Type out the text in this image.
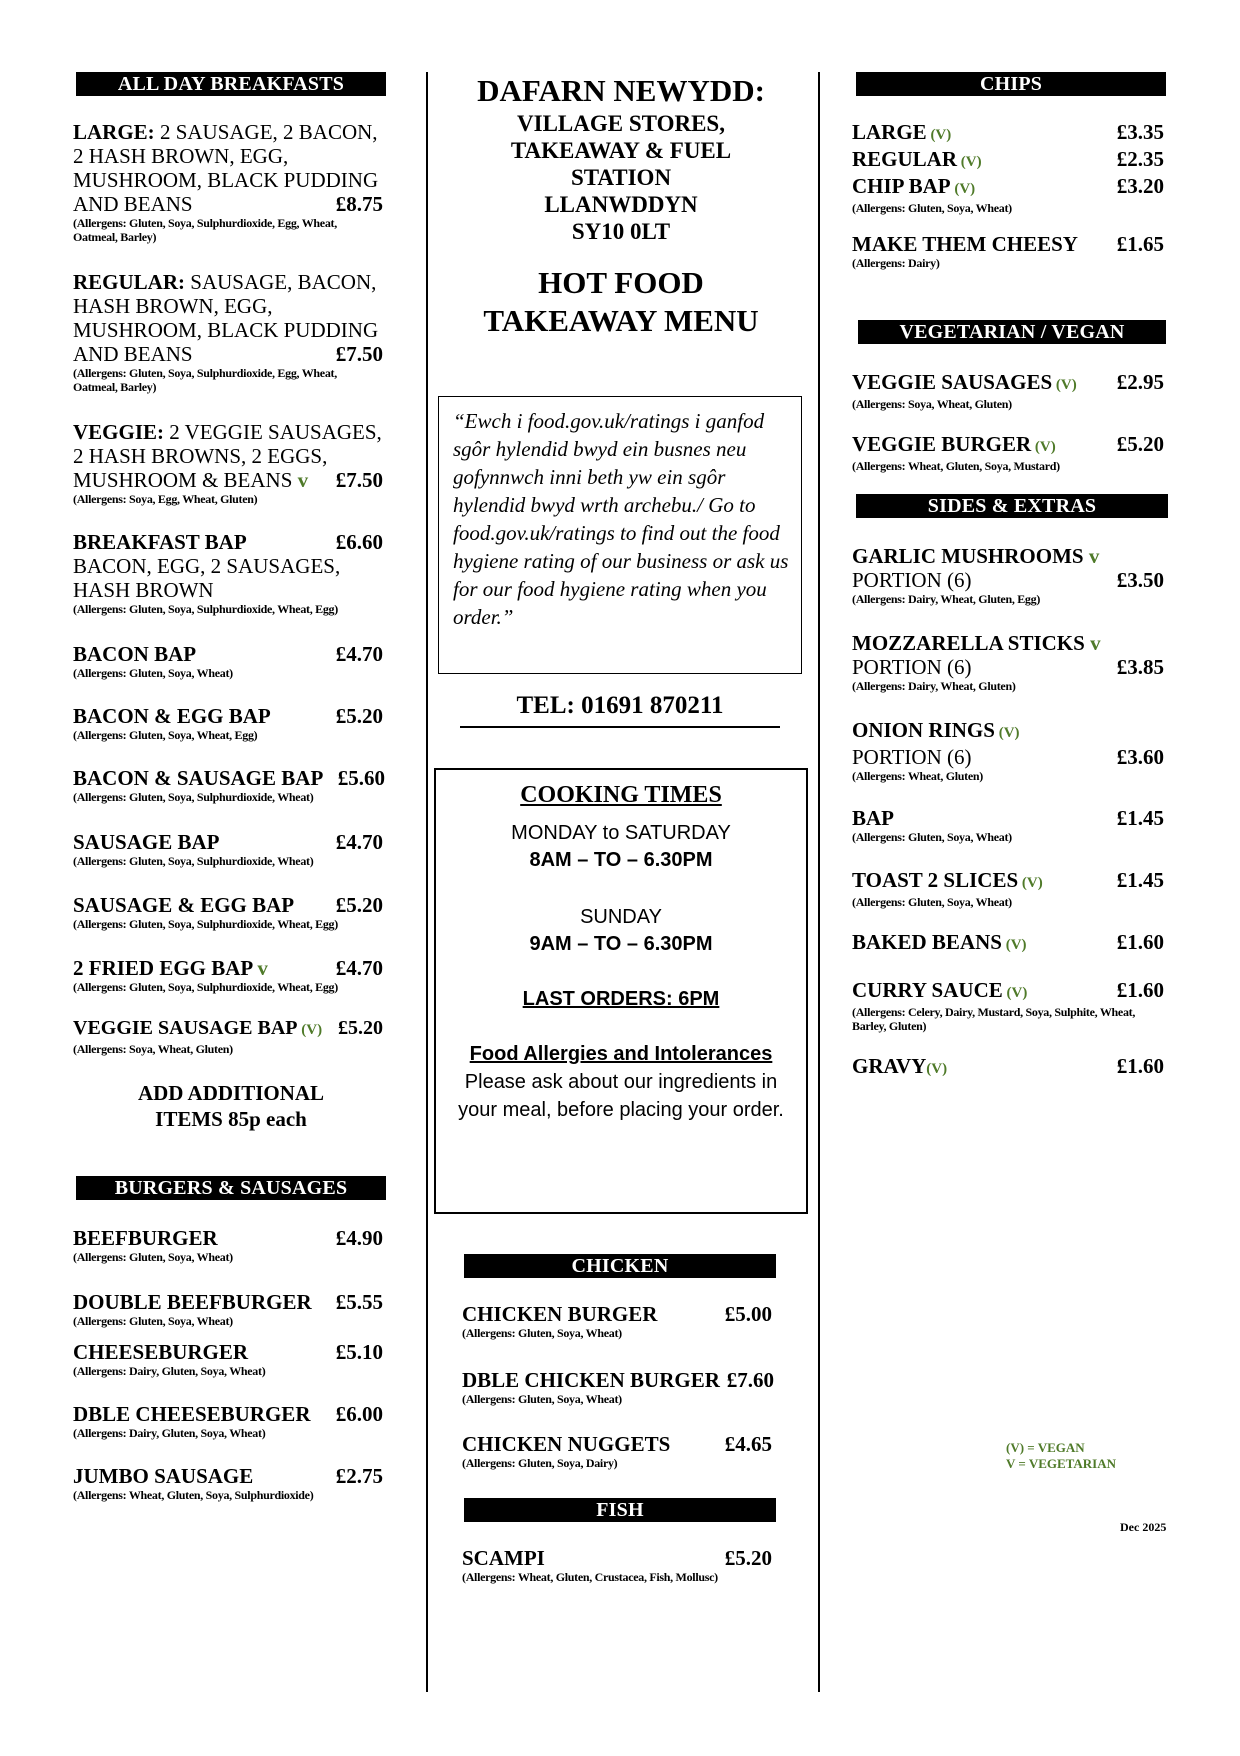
ALL DAY BREAKFASTS
LARGE: 2 SAUSAGE, 2 BACON,
2 HASH BROWN, EGG,
MUSHROOM, BLACK PUDDING
AND BEANS	£8.75
(Allergens: Gluten, Soya, Sulphurdioxide, Egg, Wheat, Oatmeal, Barley)
REGULAR: SAUSAGE, BACON,
HASH BROWN, EGG,
MUSHROOM, BLACK PUDDING
AND BEANS	£7.50
(Allergens: Gluten, Soya, Sulphurdioxide, Egg, Wheat, Oatmeal, Barley)
VEGGIE: 2 VEGGIE SAUSAGES,
2 HASH BROWNS, 2 EGGS,
MUSHROOM & BEANS v £7.50
(Allergens: Soya, Egg, Wheat, Gluten)
BREAKFAST BAP	£6.60
BACON, EGG, 2 SAUSAGES,
HASH BROWN
(Allergens: Gluten, Soya, Sulphurdioxide, Wheat, Egg)
BACON BAP	£4.70
(Allergens: Gluten, Soya, Wheat)
BACON & EGG BAP	£5.20
(Allergens: Gluten, Soya, Wheat, Egg)
BACON & SAUSAGE BAP £5.60
(Allergens: Gluten, Soya, Sulphurdioxide, Wheat)
SAUSAGE BAP	£4.70
(Allergens: Gluten, Soya, Sulphurdioxide, Wheat)
SAUSAGE & EGG BAP £5.20
(Allergens: Gluten, Soya, Sulphurdioxide, Wheat, Egg)
2 FRIED EGG BAP v	£4.70
(Allergens: Gluten, Soya, Sulphurdioxide, Wheat, Egg)
VEGGIE SAUSAGE BAP (V) £5.20
(Allergens: Soya, Wheat, Gluten)
ADD ADDITIONAL
ITEMS 85p each
BURGERS & SAUSAGES
BEEFBURGER	£4.90
(Allergens: Gluten, Soya, Wheat)
DOUBLE BEEFBURGER £5.55
(Allergens: Gluten, Soya, Wheat)
CHEESEBURGER	£5.10
(Allergens: Dairy, Gluten, Soya, Wheat)
DBLE CHEESEBURGER £6.00
(Allergens: Dairy, Gluten, Soya, Wheat)
JUMBO SAUSAGE	£2.75
(Allergens: Wheat, Gluten, Soya, Sulphurdioxide)
DAFARN NEWYDD:
VILLAGE STORES,
TAKEAWAY & FUEL
STATION
LLANWDDYN
SY10 0LT
HOT FOOD
TAKEAWAY MENU
“Ewch i food.gov.uk/ratings i ganfod sgôr hylendid bwyd ein busnes neu gofynnwch inni beth yw ein sgôr hylendid bwyd wrth archebu./ Go to food.gov.uk/ratings to find out the food hygiene rating of our business or ask us for our food hygiene rating when you order.”
TEL: 01691 870211
COOKING TIMES
MONDAY to SATURDAY
8AM – TO – 6.30PM
SUNDAY
9AM – TO – 6.30PM
LAST ORDERS: 6PM
Food Allergies and Intolerances
Please ask about our ingredients in your meal, before placing your order.
CHICKEN
CHICKEN BURGER	£5.00
(Allergens: Gluten, Soya, Wheat)
DBLE CHICKEN BURGER £7.60
(Allergens: Gluten, Soya, Wheat)
CHICKEN NUGGETS	£4.65
(Allergens: Gluten, Soya, Dairy)
FISH
SCAMPI	£5.20
(Allergens: Wheat, Gluten, Crustacea, Fish, Mollusc)
CHIPS
LARGE (V)	£3.35
REGULAR (V)	£2.35
CHIP BAP (V)	£3.20
(Allergens: Gluten, Soya, Wheat)
MAKE THEM CHEESY £1.65
(Allergens: Dairy)
VEGETARIAN / VEGAN
VEGGIE SAUSAGES (V) £2.95
(Allergens: Soya, Wheat, Gluten)
VEGGIE BURGER (V)	£5.20
(Allergens: Wheat, Gluten, Soya, Mustard)
SIDES & EXTRAS
GARLIC MUSHROOMS v
PORTION (6)	£3.50
(Allergens: Dairy, Wheat, Gluten, Egg)
MOZZARELLA STICKS v
PORTION (6)	£3.85
(Allergens: Dairy, Wheat, Gluten)
ONION RINGS (V)
PORTION (6)	£3.60
(Allergens: Wheat, Gluten)
BAP	£1.45
(Allergens: Gluten, Soya, Wheat)
TOAST 2 SLICES (V)	£1.45
(Allergens: Gluten, Soya, Wheat)
BAKED BEANS (V)	£1.60
CURRY SAUCE (V)	£1.60
(Allergens: Celery, Dairy, Mustard, Soya, Sulphite, Wheat, Barley, Gluten)
GRAVY(V)	£1.60
(V) = VEGAN
V = VEGETARIAN
Dec 2025
